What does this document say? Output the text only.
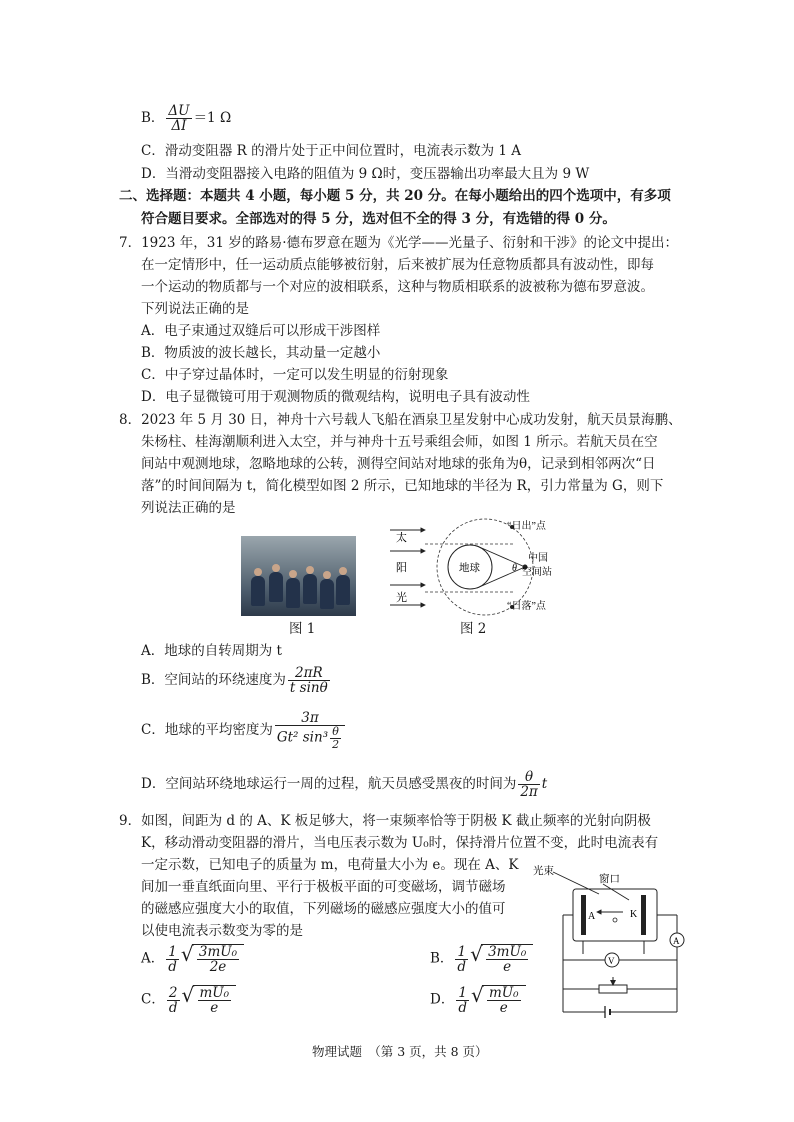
B． $\frac{\Delta U}{\Delta I} =1$ Ω
C．滑动变阻器 R 的滑片处于正中间位置时，电流表示数为 1 A
D．当滑动变阻器接入电路的阻值为 9 Ω时，变压器输出功率最大且为 9 W
二、选择题：本题共 4 小题，每小题 5 分，共 20 分。在每小题给出的四个选项中，有多项
符合题目要求。全部选对的得 5 分，选对但不全的得 3 分，有选错的得 0 分。
7．1923 年，31 岁的路易·德布罗意在题为《光学——光量子、衍射和干涉》的论文中提出：
在一定情形中，任一运动质点能够被衍射，后来被扩展为任意物质都具有波动性，即每
一个运动的物质都与一个对应的波相联系，这种与物质相联系的波被称为德布罗意波。
下列说法正确的是
A．电子束通过双缝后可以形成干涉图样
B．物质波的波长越长，其动量一定越小
C．中子穿过晶体时，一定可以发生明显的衍射现象
D．电子显微镜可用于观测物质的微观结构，说明电子具有波动性
8．2023 年 5 月 30 日，神舟十六号载人飞船在酒泉卫星发射中心成功发射，航天员景海鹏、
朱杨柱、桂海潮顺利进入太空，并与神舟十五号乘组会师，如图 1 所示。若航天员在空
间站中观测地球，忽略地球的公转，测得空间站对地球的张角为θ，记录到相邻两次“日
落”的时间间隔为 t，简化模型如图 2 所示，已知地球的半径为 R，引力常量为 G，则下
列说法正确的是
图 1
太
阳
光
地球	θ
中国
空间站
“日出”点
“日落”点
图 2
A．地球的自转周期为 t
B．空间站的环绕速度为 $\frac{2\pi R}{\text{t sinθ}}$
C．地球的平均密度为 $\frac{3\pi}{Gt^2 \sin^3 \frac{\theta}{2}}$
D．空间站环绕地球运行一周的过程，航天员感受黑夜的时间为 $\frac{\theta}{2\pi}$ t
9．如图，间距为 d 的 A、K 板足够大，将一束频率恰等于阴极 K 截止频率的光射向阴极
K，移动滑动变阻器的滑片，当电压表示数为 U₀时，保持滑片位置不变，此时电流表有
一定示数，已知电子的质量为 m，电荷量大小为 e。现在 A、K
间加一垂直纸面向里、平行于极板平面的可变磁场，调节磁场
的磁感应强度大小的取值，下列磁场的磁感应强度大小的值可
以使电流表示数变为零的是
光束
窗口
A	K
A
V
A． $\frac{1}{d}$ √ $\frac{\text{3mU₀}}{2e}$	B． $\frac{1}{d}$ √ $\frac{\text{3mU₀}}{e}$
C． $\frac{2}{d}$ √ $\frac{\text{mU₀}}{e}$	D． $\frac{1}{d}$ √ $\frac{\text{mU₀}}{e}$
物理试题　（第 3 页，共 8 页）
